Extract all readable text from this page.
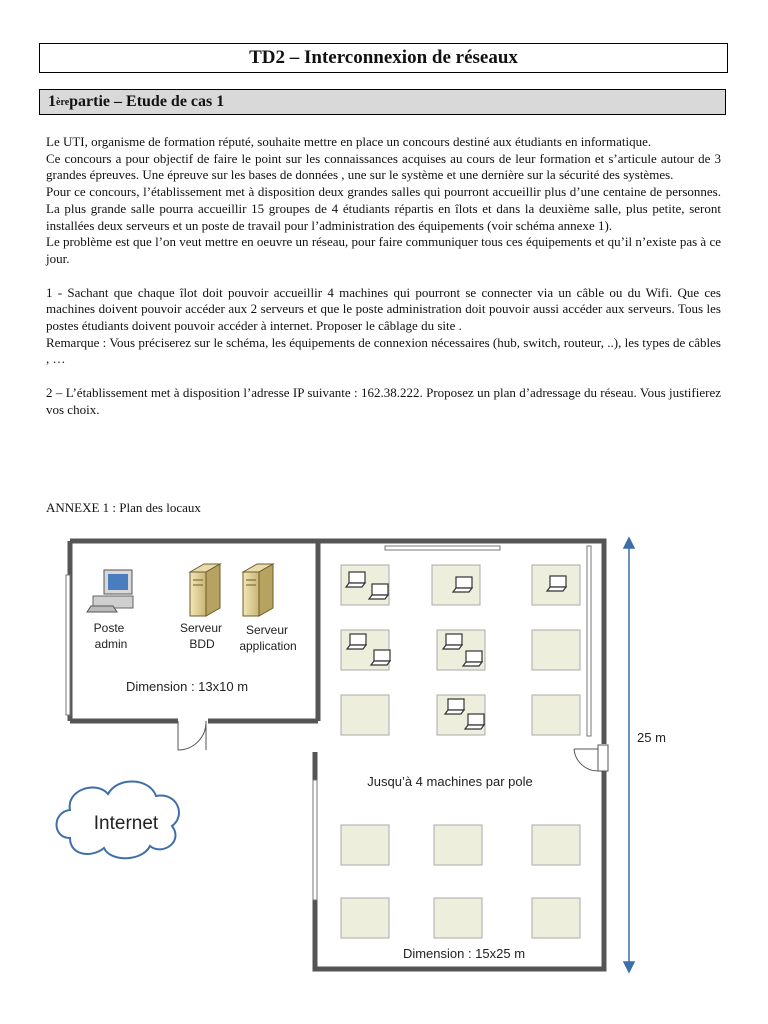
TD2 – Interconnexion de réseaux
1 ère partie – Etude de cas 1

Le UTI, organisme de formation réputé, souhaite mettre en place un concours destiné aux étudiants en informatique.

Ce concours a pour objectif de faire le point sur les connaissances acquises au cours de leur formation et s’articule autour de 3 grandes épreuves. Une épreuve sur les bases de données , une sur le système et une dernière sur la sécurité des systèmes.

Pour ce concours, l’établissement met à disposition deux grandes salles qui pourront accueillir plus d’une centaine de personnes. La plus grande salle pourra accueillir 15 groupes de 4 étudiants répartis en îlots et dans la deuxième salle, plus petite, seront installées deux serveurs et un poste de travail pour l’administration des équipements (voir schéma annexe 1).

Le problème est que l’on veut mettre en oeuvre un réseau, pour faire communiquer tous ces équipements et qu’il n’existe pas à ce jour.

1 - Sachant que chaque îlot doit pouvoir accueillir 4 machines qui pourront se connecter via un câble ou du Wifi. Que ces machines doivent pouvoir accéder aux 2 serveurs et que le poste administration doit pouvoir aussi accéder aux serveurs. Tous les postes étudiants doivent pouvoir accéder à internet. Proposer le câblage du site .

Remarque : Vous préciserez sur le schéma, les équipements de connexion nécessaires (hub, switch, routeur, ..), les types de câbles , …

2 – L’établissement met à disposition l’adresse IP suivante : 162.38.222. Proposez un plan d’adressage du réseau. Vous justifierez vos choix.

ANNEXE 1 : Plan des locaux
Poste
admin
Serveur
BDD
Serveur
application
Dimension : 13x10 m
Jusqu’à 4 machines par pole
Dimension : 15x25 m
Internet
25 m
